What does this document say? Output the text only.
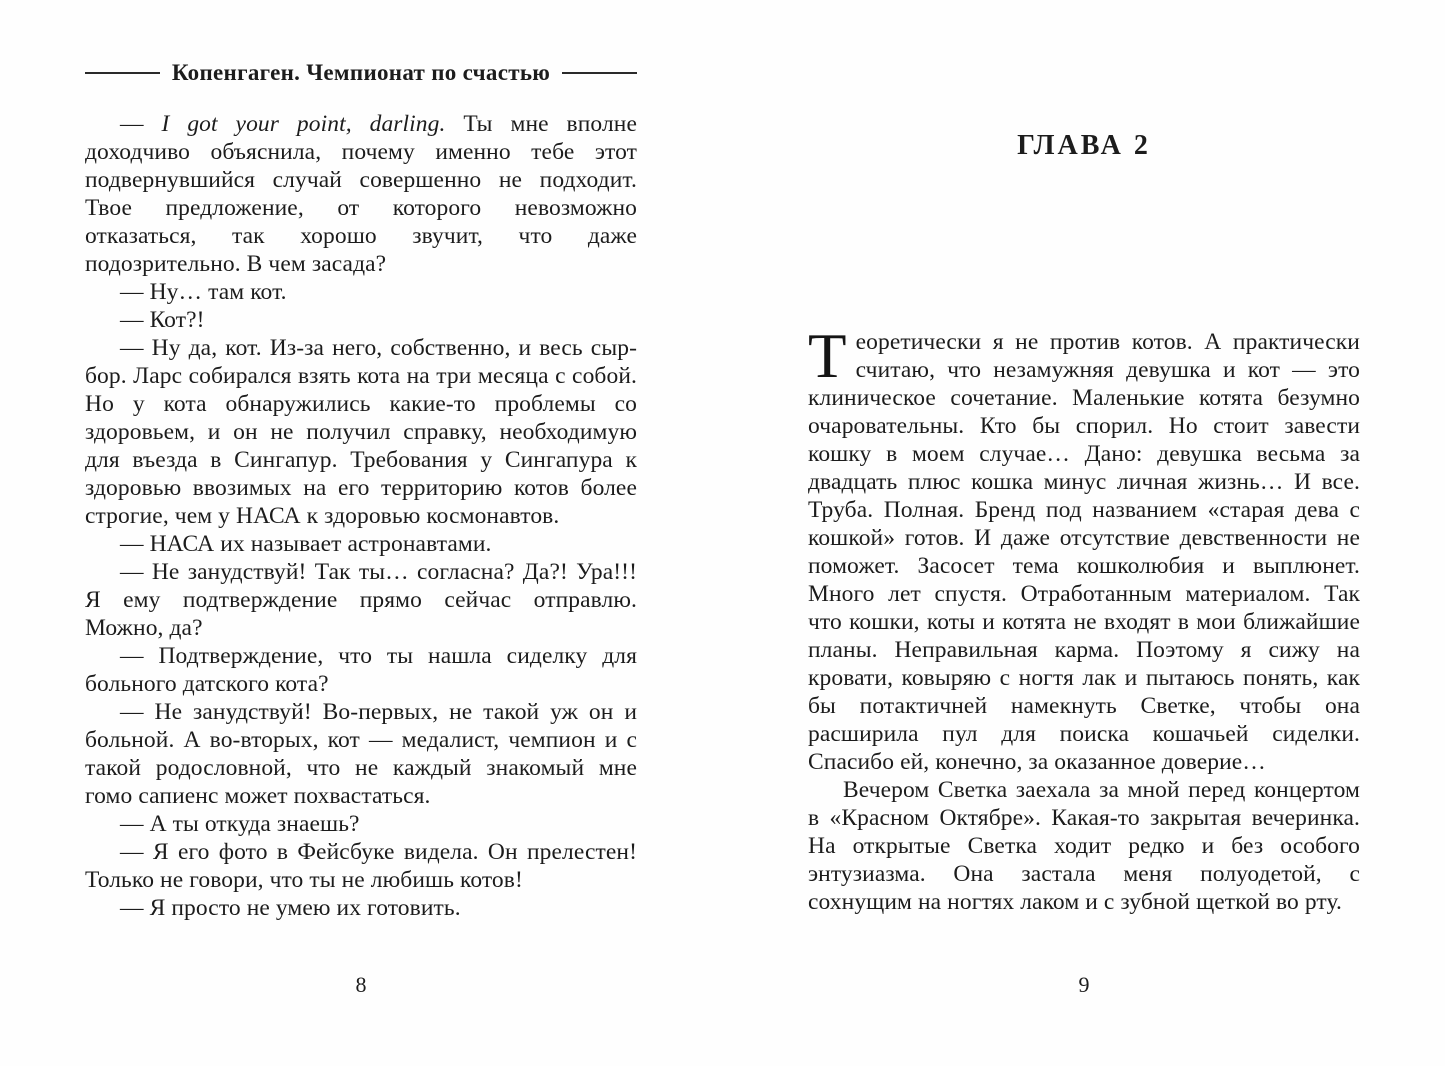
Копенгаген. Чемпионат по счастью

— I got your point, darling. Ты мне вполне доходчиво объяснила, почему именно тебе этот подвернувшийся случай совершенно не подходит. Твое предложение, от которого невозможно отказаться, так хорошо звучит, что даже подозрительно. В чем засада?

— Ну… там кот.

— Кот?!

— Ну да, кот. Из-за него, собственно, и весь сыр-бор. Ларс собирался взять кота на три месяца с собой. Но у кота обнаружились какие-то проблемы со здоровьем, и он не получил справку, необходимую для въезда в Сингапур. Требования у Сингапура к здоровью ввозимых на его территорию котов более строгие, чем у НАСА к здоровью космонавтов.

— НАСА их называет астронавтами.

— Не занудствуй! Так ты… согласна? Да?! Ура!!! Я ему подтверждение прямо сейчас отправлю. Можно, да?

— Подтверждение, что ты нашла сиделку для больного датского кота?

— Не занудствуй! Во-первых, не такой уж он и больной. А во-вторых, кот — медалист, чемпион и с такой родословной, что не каждый знакомый мне гомо сапиенс может похвастаться.

— А ты откуда знаешь?

— Я его фото в Фейсбуке видела. Он прелестен! Только не говори, что ты не любишь котов!

— Я просто не умею их готовить.

8
ГЛАВА 2

Теоретически я не против котов. А практически считаю, что незамужняя девушка и кот — это клиническое сочетание. Маленькие котята безумно очаровательны. Кто бы спорил. Но стоит завести кошку в моем случае… Дано: девушка весьма за двадцать плюс кошка минус личная жизнь… И все. Труба. Полная. Бренд под названием «старая дева с кошкой» готов. И даже отсутствие девственности не поможет. Засосет тема кошколюбия и выплюнет. Много лет спустя. Отработанным материалом. Так что кошки, коты и котята не входят в мои ближайшие планы. Неправильная карма. Поэтому я сижу на кровати, ковыряю с ногтя лак и пытаюсь понять, как бы потактичней намекнуть Светке, чтобы она расширила пул для поиска кошачьей сиделки. Спасибо ей, конечно, за оказанное доверие…

Вечером Светка заехала за мной перед концертом в «Красном Октябре». Какая-то закрытая вечеринка. На открытые Светка ходит редко и без особого энтузиазма. Она застала меня полуодетой, с сохнущим на ногтях лаком и с зубной щеткой во рту.

9
